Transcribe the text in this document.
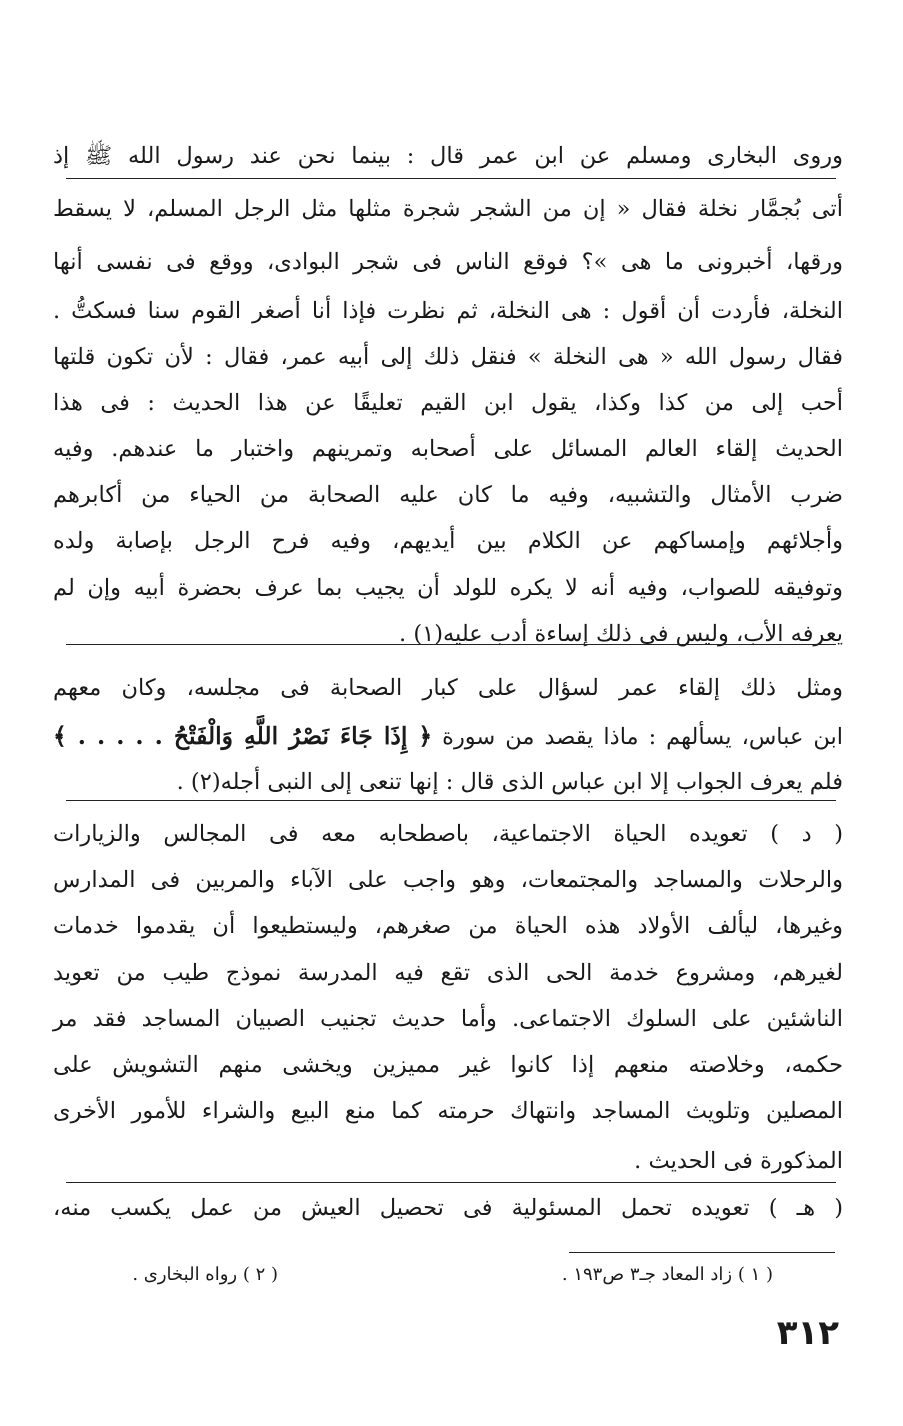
وروى البخارى ومسلم عن ابن عمر قال : بينما نحن عند رسول الله ﷺ إذ
أتى بُجمَّار نخلة فقال « إن من الشجر شجرة مثلها مثل الرجل المسلم، لا يسقط
ورقها، أخبرونى ما هى »؟ فوقع الناس فى شجر البوادى، ووقع فى نفسى أنها
النخلة، فأردت أن أقول : هى النخلة، ثم نظرت فإذا أنا أصغر القوم سنا فسكتُّ .
فقال رسول الله « هى النخلة » فنقل ذلك إلى أبيه عمر، فقال : لأن تكون قلتها
أحب إلى من كذا وكذا، يقول ابن القيم تعليقًا عن هذا الحديث : فى هذا
الحديث إلقاء العالم المسائل على أصحابه وتمرينهم واختبار ما عندهم. وفيه
ضرب الأمثال والتشبيه، وفيه ما كان عليه الصحابة من الحياء من أكابرهم
وأجلائهم وإمساكهم عن الكلام بين أيديهم، وفيه فرح الرجل بإصابة ولده
وتوفيقه للصواب، وفيه أنه لا يكره للولد أن يجيب بما عرف بحضرة أبيه وإن لم
يعرفه الأب، وليس فى ذلك إساءة أدب عليه(١) .
ومثل ذلك إلقاء عمر لسؤال على كبار الصحابة فى مجلسه، وكان معهم
ابن عباس، يسألهم : ماذا يقصد من سورة ﴿ إِذَا جَاءَ نَصْرُ اللَّهِ وَالْفَتْحُ . . . . . ﴾
فلم يعرف الجواب إلا ابن عباس الذى قال : إنها تنعى إلى النبى أجله(٢) .
( د ) تعويده الحياة الاجتماعية، باصطحابه معه فى المجالس والزيارات
والرحلات والمساجد والمجتمعات، وهو واجب على الآباء والمربين فى المدارس
وغيرها، ليألف الأولاد هذه الحياة من صغرهم، وليستطيعوا أن يقدموا خدمات
لغيرهم، ومشروع خدمة الحى الذى تقع فيه المدرسة نموذج طيب من تعويد
الناشئين على السلوك الاجتماعى. وأما حديث تجنيب الصبيان المساجد فقد مر
حكمه، وخلاصته منعهم إذا كانوا غير مميزين ويخشى منهم التشويش على
المصلين وتلويث المساجد وانتهاك حرمته كما منع البيع والشراء للأمور الأخرى
المذكورة فى الحديث .
( هـ ) تعويده تحمل المسئولية فى تحصيل العيش من عمل يكسب منه،
( ١ ) زاد المعاد جـ٣ ص١٩٣ .
( ٢ ) رواه البخارى .
٣١٢
